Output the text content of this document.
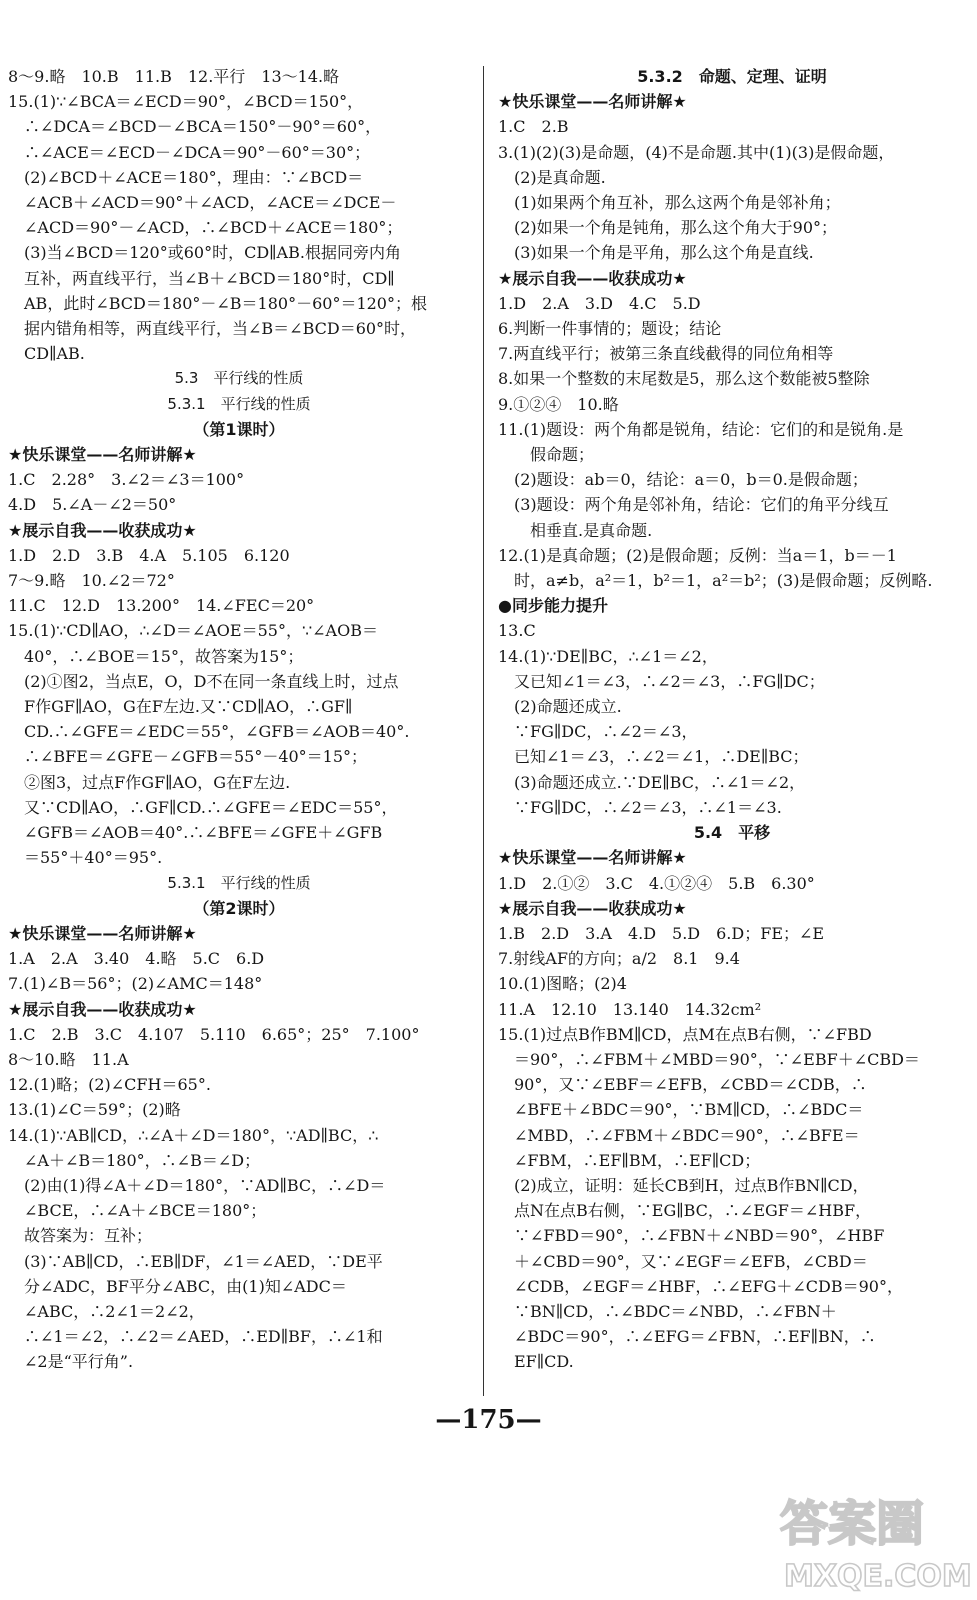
8～9.略　10.B　11.B　12.平行　13～14.略
15.(1)∵∠BCA＝∠ECD＝90°，∠BCD＝150°，
　∴∠DCA＝∠BCD－∠BCA＝150°－90°＝60°，
　∴∠ACE＝∠ECD－∠DCA＝90°－60°＝30°；
　(2)∠BCD＋∠ACE＝180°，理由：∵∠BCD＝
　∠ACB＋∠ACD＝90°＋∠ACD，∠ACE＝∠DCE－
　∠ACD＝90°－∠ACD，∴∠BCD＋∠ACE＝180°；
　(3)当∠BCD＝120°或60°时，CD∥AB.根据同旁内角
　互补，两直线平行，当∠B＋∠BCD＝180°时，CD∥
　AB，此时∠BCD＝180°－∠B＝180°－60°＝120°；根
　据内错角相等，两直线平行，当∠B＝∠BCD＝60°时，
　CD∥AB.
5.3　平行线的性质
5.3.1　平行线的性质
（第1课时）
★快乐课堂——名师讲解★
1.C　2.28°　3.∠2＝∠3＝100°
4.D　5.∠A－∠2＝50°
★展示自我——收获成功★
1.D　2.D　3.B　4.A　5.105　6.120
7～9.略　10.∠2＝72°
11.C　12.D　13.200°　14.∠FEC＝20°
15.(1)∵CD∥AO，∴∠D＝∠AOE＝55°，∵∠AOB＝
　40°，∴∠BOE＝15°，故答案为15°；
　(2)①图2，当点E，O，D不在同一条直线上时，过点
　F作GF∥AO，G在F左边.又∵CD∥AO，∴GF∥
　CD.∴∠GFE＝∠EDC＝55°，∠GFB＝∠AOB＝40°.
　∴∠BFE＝∠GFE－∠GFB＝55°－40°＝15°；
　②图3，过点F作GF∥AO，G在F左边.
　又∵CD∥AO，∴GF∥CD.∴∠GFE＝∠EDC＝55°，
　∠GFB＝∠AOB＝40°.∴∠BFE＝∠GFE＋∠GFB
　＝55°＋40°＝95°.
5.3.1　平行线的性质
（第2课时）
★快乐课堂——名师讲解★
1.A　2.A　3.40　4.略　5.C　6.D
7.(1)∠B＝56°；(2)∠AMC＝148°
★展示自我——收获成功★
1.C　2.B　3.C　4.107　5.110　6.65°；25°　7.100°
8～10.略　11.A
12.(1)略；(2)∠CFH＝65°.
13.(1)∠C＝59°；(2)略
14.(1)∵AB∥CD，∴∠A＋∠D＝180°，∵AD∥BC，∴
　∠A＋∠B＝180°，∴∠B＝∠D；
　(2)由(1)得∠A＋∠D＝180°，∵AD∥BC，∴∠D＝
　∠BCE，∴∠A＋∠BCE＝180°；
　故答案为：互补；
　(3)∵AB∥CD，∴EB∥DF，∠1＝∠AED，∵DE平
　分∠ADC，BF平分∠ABC，由(1)知∠ADC＝
　∠ABC，∴2∠1＝2∠2，
　∴∠1＝∠2，∴∠2＝∠AED，∴ED∥BF，∴∠1和
　∠2是“平行角”.
5.3.2　命题、定理、证明
★快乐课堂——名师讲解★
1.C　2.B
3.(1)(2)(3)是命题，(4)不是命题.其中(1)(3)是假命题，
　(2)是真命题.
　(1)如果两个角互补，那么这两个角是邻补角；
　(2)如果一个角是钝角，那么这个角大于90°；
　(3)如果一个角是平角，那么这个角是直线.
★展示自我——收获成功★
1.D　2.A　3.D　4.C　5.D
6.判断一件事情的；题设；结论
7.两直线平行；被第三条直线截得的同位角相等
8.如果一个整数的末尾数是5，那么这个数能被5整除
9.①②④　10.略
11.(1)题设：两个角都是锐角，结论：它们的和是锐角.是
　　假命题；
　(2)题设：ab＝0，结论：a＝0，b＝0.是假命题；
　(3)题设：两个角是邻补角，结论：它们的角平分线互
　　相垂直.是真命题.
12.(1)是真命题；(2)是假命题；反例：当a＝1，b＝－1
　时，a≠b，a²＝1，b²＝1，a²＝b²；(3)是假命题；反例略.
●同步能力提升
13.C
14.(1)∵DE∥BC，∴∠1＝∠2，
　又已知∠1＝∠3，∴∠2＝∠3，∴FG∥DC；
　(2)命题还成立.
　∵FG∥DC，∴∠2＝∠3，
　已知∠1＝∠3，∴∠2＝∠1，∴DE∥BC；
　(3)命题还成立.∵DE∥BC，∴∠1＝∠2，
　∵FG∥DC，∴∠2＝∠3，∴∠1＝∠3.
5.4　平移
★快乐课堂——名师讲解★
1.D　2.①②　3.C　4.①②④　5.B　6.30°
★展示自我——收获成功★
1.B　2.D　3.A　4.D　5.D　6.D；FE；∠E
7.射线AF的方向；a/2　8.1　9.4
10.(1)图略；(2)4
11.A　12.10　13.140　14.32cm²
15.(1)过点B作BM∥CD，点M在点B右侧，∵∠FBD
　＝90°，∴∠FBM＋∠MBD＝90°，∵∠EBF＋∠CBD＝
　90°，又∵∠EBF＝∠EFB，∠CBD＝∠CDB，∴
　∠BFE＋∠BDC＝90°，∵BM∥CD，∴∠BDC＝
　∠MBD，∴∠FBM＋∠BDC＝90°，∴∠BFE＝
　∠FBM，∴EF∥BM，∴EF∥CD；
　(2)成立，证明：延长CB到H，过点B作BN∥CD，
　点N在点B右侧，∵EG∥BC，∴∠EGF＝∠HBF，
　∵∠FBD＝90°，∴∠FBN＋∠NBD＝90°，∠HBF
　＋∠CBD＝90°，又∵∠EGF＝∠EFB，∠CBD＝
　∠CDB，∠EGF＝∠HBF，∴∠EFG＋∠CDB＝90°，
　∵BN∥CD，∴∠BDC＝∠NBD，∴∠FBN＋
　∠BDC＝90°，∴∠EFG＝∠FBN，∴EF∥BN，∴
　EF∥CD.
—175—
答案圈
MXQE.COM
